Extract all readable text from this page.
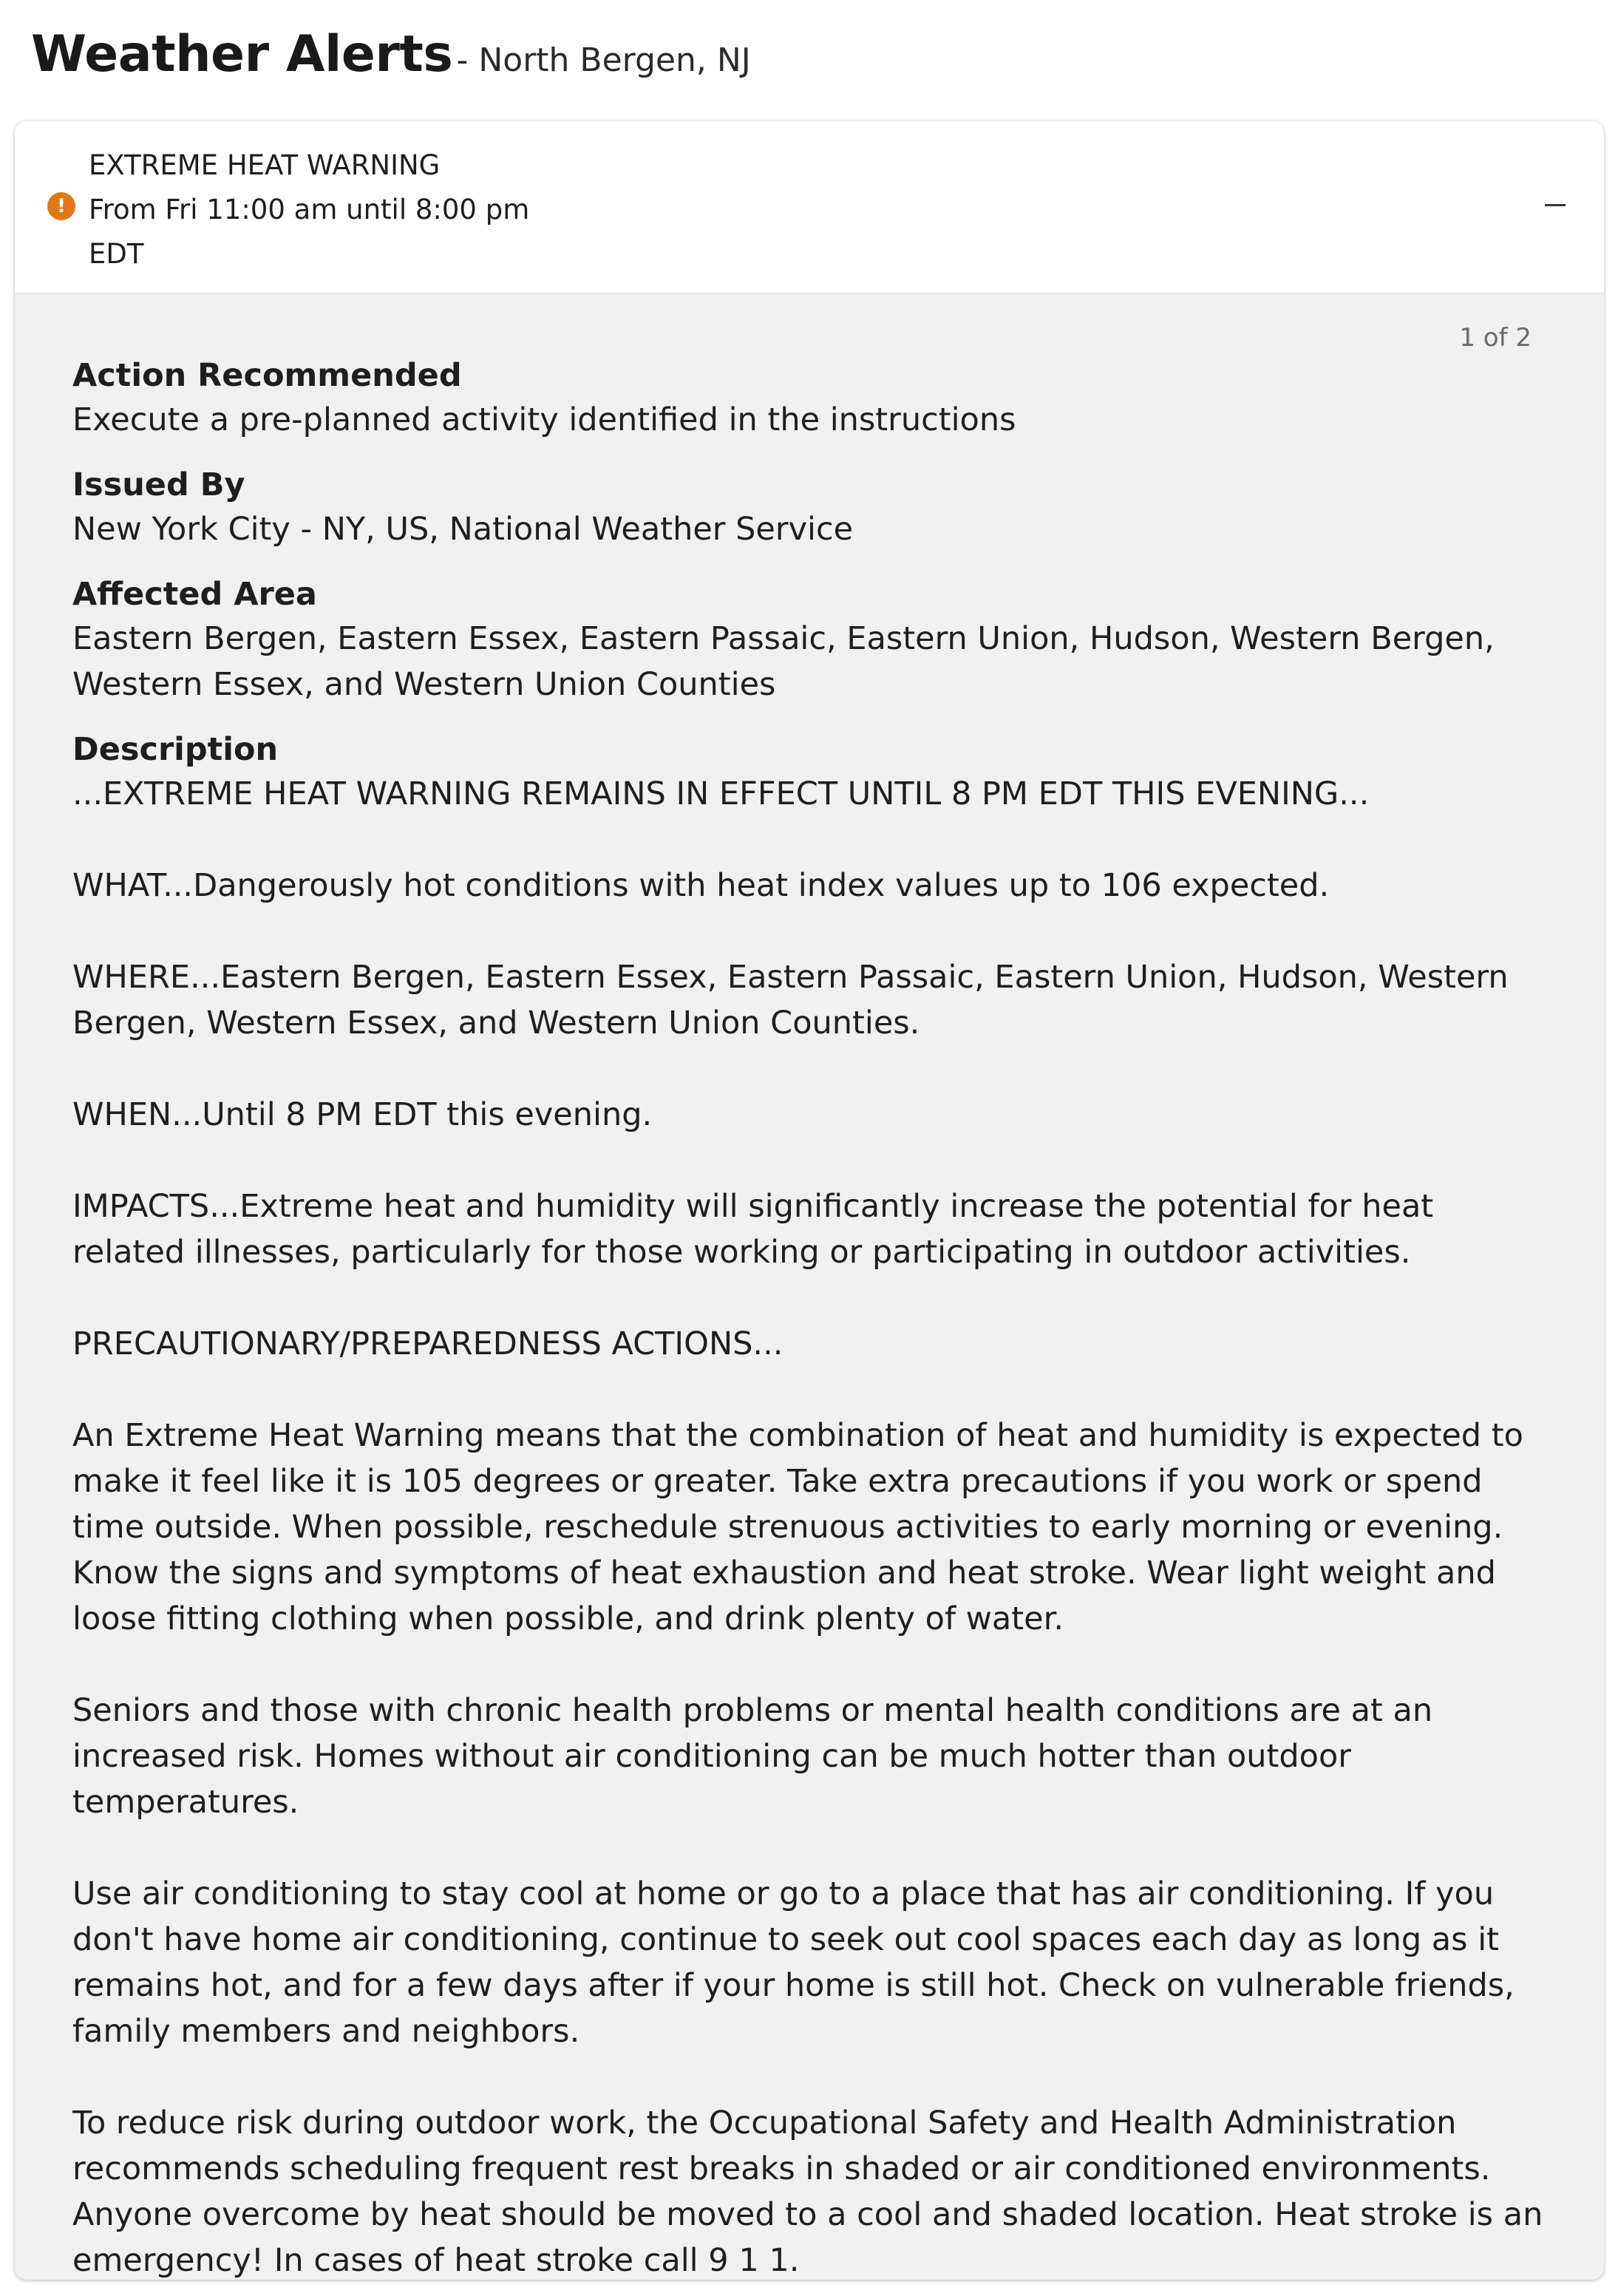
Weather Alerts - North Bergen, NJ
!
EXTREME HEAT WARNING
From Fri 11:00 am until 8:00 pm
EDT
1 of 2
Action Recommended
Execute a pre-planned activity identified in the instructions
Issued By
New York City - NY, US, National Weather Service
Affected Area
Eastern Bergen, Eastern Essex, Eastern Passaic, Eastern Union, Hudson, Western Bergen, Western Essex, and Western Union Counties
Description

...EXTREME HEAT WARNING REMAINS IN EFFECT UNTIL 8 PM EDT THIS EVENING...

WHAT...Dangerously hot conditions with heat index values up to 106 expected.

WHERE...Eastern Bergen, Eastern Essex, Eastern Passaic, Eastern Union, Hudson, Western Bergen, Western Essex, and Western Union Counties.

WHEN...Until 8 PM EDT this evening.

IMPACTS...Extreme heat and humidity will significantly increase the potential for heat related illnesses, particularly for those working or participating in outdoor activities.

PRECAUTIONARY/PREPAREDNESS ACTIONS...

An Extreme Heat Warning means that the combination of heat and humidity is expected to make it feel like it is 105 degrees or greater. Take extra precautions if you work or spend time outside. When possible, reschedule strenuous activities to early morning or evening. Know the signs and symptoms of heat exhaustion and heat stroke. Wear light weight and loose fitting clothing when possible, and drink plenty of water.

Seniors and those with chronic health problems or mental health conditions are at an increased risk. Homes without air conditioning can be much hotter than outdoor temperatures.

Use air conditioning to stay cool at home or go to a place that has air conditioning. If you don't have home air conditioning, continue to seek out cool spaces each day as long as it remains hot, and for a few days after if your home is still hot. Check on vulnerable friends, family members and neighbors.

To reduce risk during outdoor work, the Occupational Safety and Health Administration recommends scheduling frequent rest breaks in shaded or air conditioned environments. Anyone overcome by heat should be moved to a cool and shaded location. Heat stroke is an emergency! In cases of heat stroke call 9 1 1.
